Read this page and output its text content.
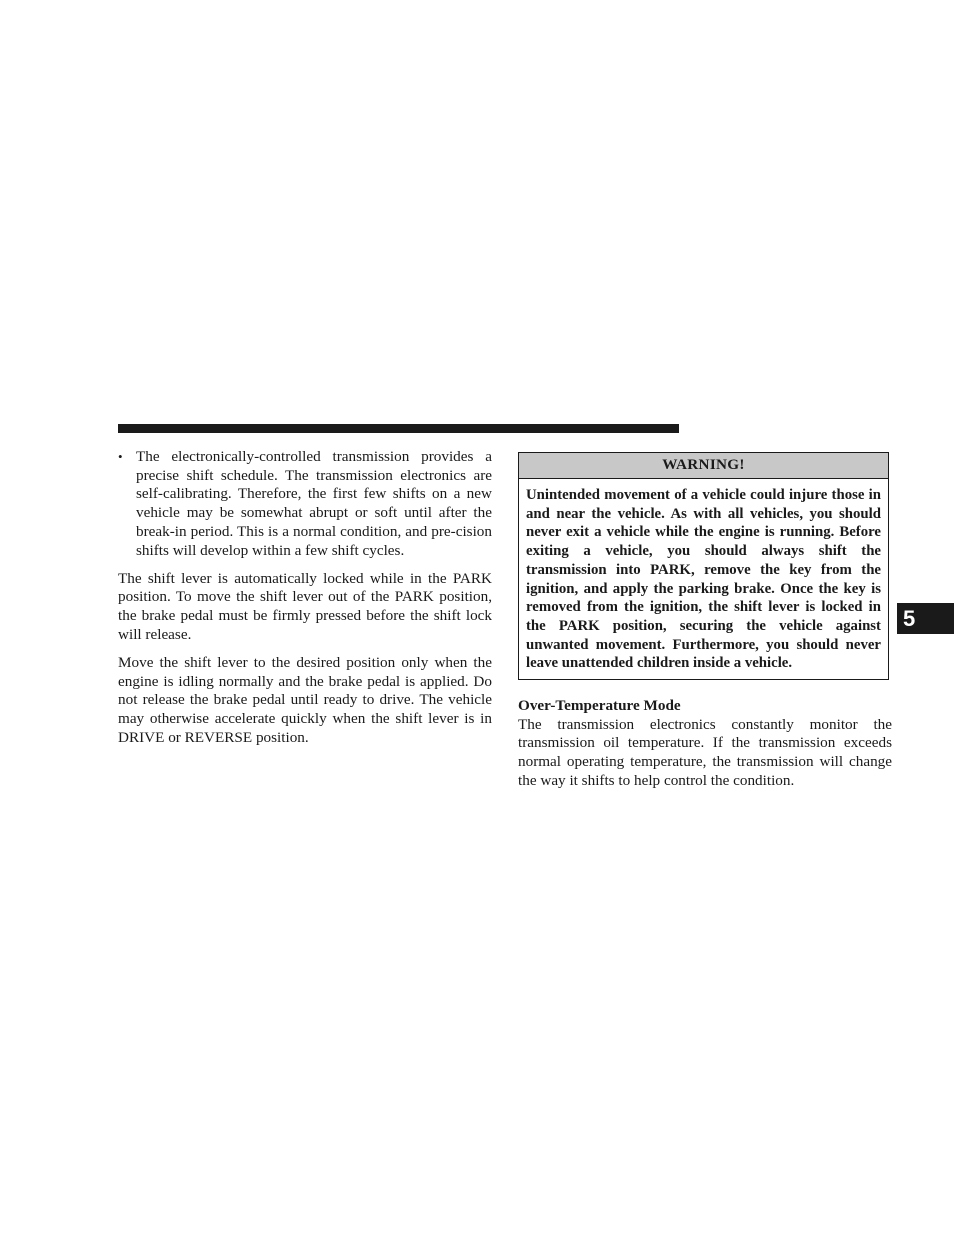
• The electronically-controlled transmission provides a precise shift schedule. The transmission electronics are self-calibrating. Therefore, the first few shifts on a new vehicle may be somewhat abrupt or soft until after the break-in period. This is a normal condition, and pre-cision shifts will develop within a few shift cycles.

The shift lever is automatically locked while in the PARK position. To move the shift lever out of the PARK position, the brake pedal must be firmly pressed before the shift lock will release.

Move the shift lever to the desired position only when the engine is idling normally and the brake pedal is applied. Do not release the brake pedal until ready to drive. The vehicle may otherwise accelerate quickly when the shift lever is in DRIVE or REVERSE position.

WARNING!
Unintended movement of a vehicle could injure those in and near the vehicle. As with all vehicles, you should never exit a vehicle while the engine is running. Before exiting a vehicle, you should always shift the transmission into PARK, remove the key from the ignition, and apply the parking brake. Once the key is removed from the ignition, the shift lever is locked in the PARK position, securing the vehicle against unwanted movement. Furthermore, you should never leave unattended children inside a vehicle.

Over-Temperature Mode

The transmission electronics constantly monitor the transmission oil temperature. If the transmission exceeds normal operating temperature, the transmission will change the way it shifts to help control the condition.

5
